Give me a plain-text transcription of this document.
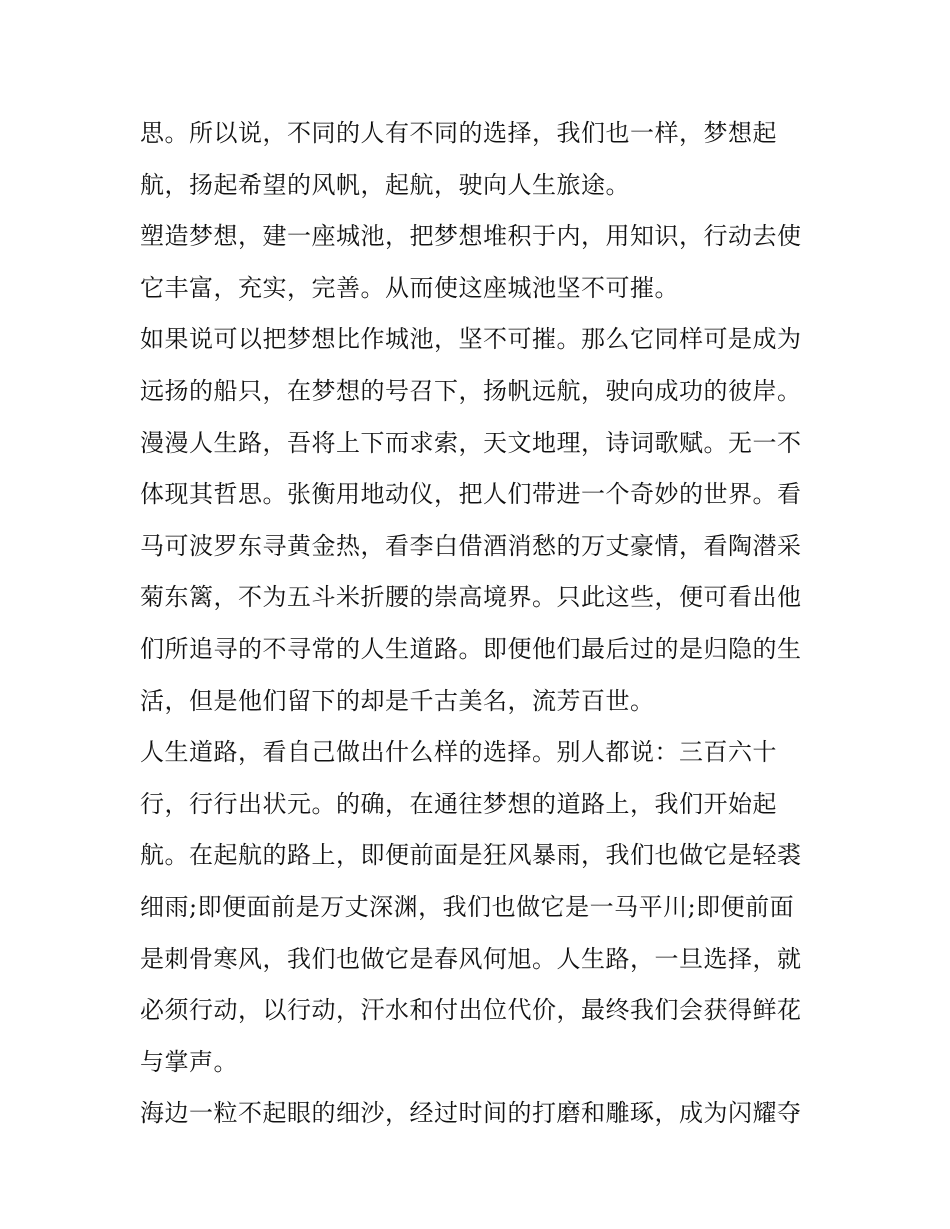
思。所以说，不同的人有不同的选择，我们也一样，梦想起
航，扬起希望的风帆，起航，驶向人生旅途。
塑造梦想，建一座城池，把梦想堆积于内，用知识，行动去使
它丰富，充实，完善。从而使这座城池坚不可摧。
如果说可以把梦想比作城池，坚不可摧。那么它同样可是成为
远扬的船只，在梦想的号召下，扬帆远航，驶向成功的彼岸。
漫漫人生路，吾将上下而求索，天文地理，诗词歌赋。无一不
体现其哲思。张衡用地动仪，把人们带进一个奇妙的世界。看
马可波罗东寻黄金热，看李白借酒消愁的万丈豪情，看陶潜采
菊东篱，不为五斗米折腰的崇高境界。只此这些，便可看出他
们所追寻的不寻常的人生道路。即便他们最后过的是归隐的生
活，但是他们留下的却是千古美名，流芳百世。
人生道路，看自己做出什么样的选择。别人都说：三百六十
行，行行出状元。的确，在通往梦想的道路上，我们开始起
航。在起航的路上，即便前面是狂风暴雨，我们也做它是轻裘
细雨;即便面前是万丈深渊，我们也做它是一马平川;即便前面
是刺骨寒风，我们也做它是春风何旭。人生路，一旦选择，就
必须行动，以行动，汗水和付出位代价，最终我们会获得鲜花
与掌声。
海边一粒不起眼的细沙，经过时间的打磨和雕琢，成为闪耀夺
